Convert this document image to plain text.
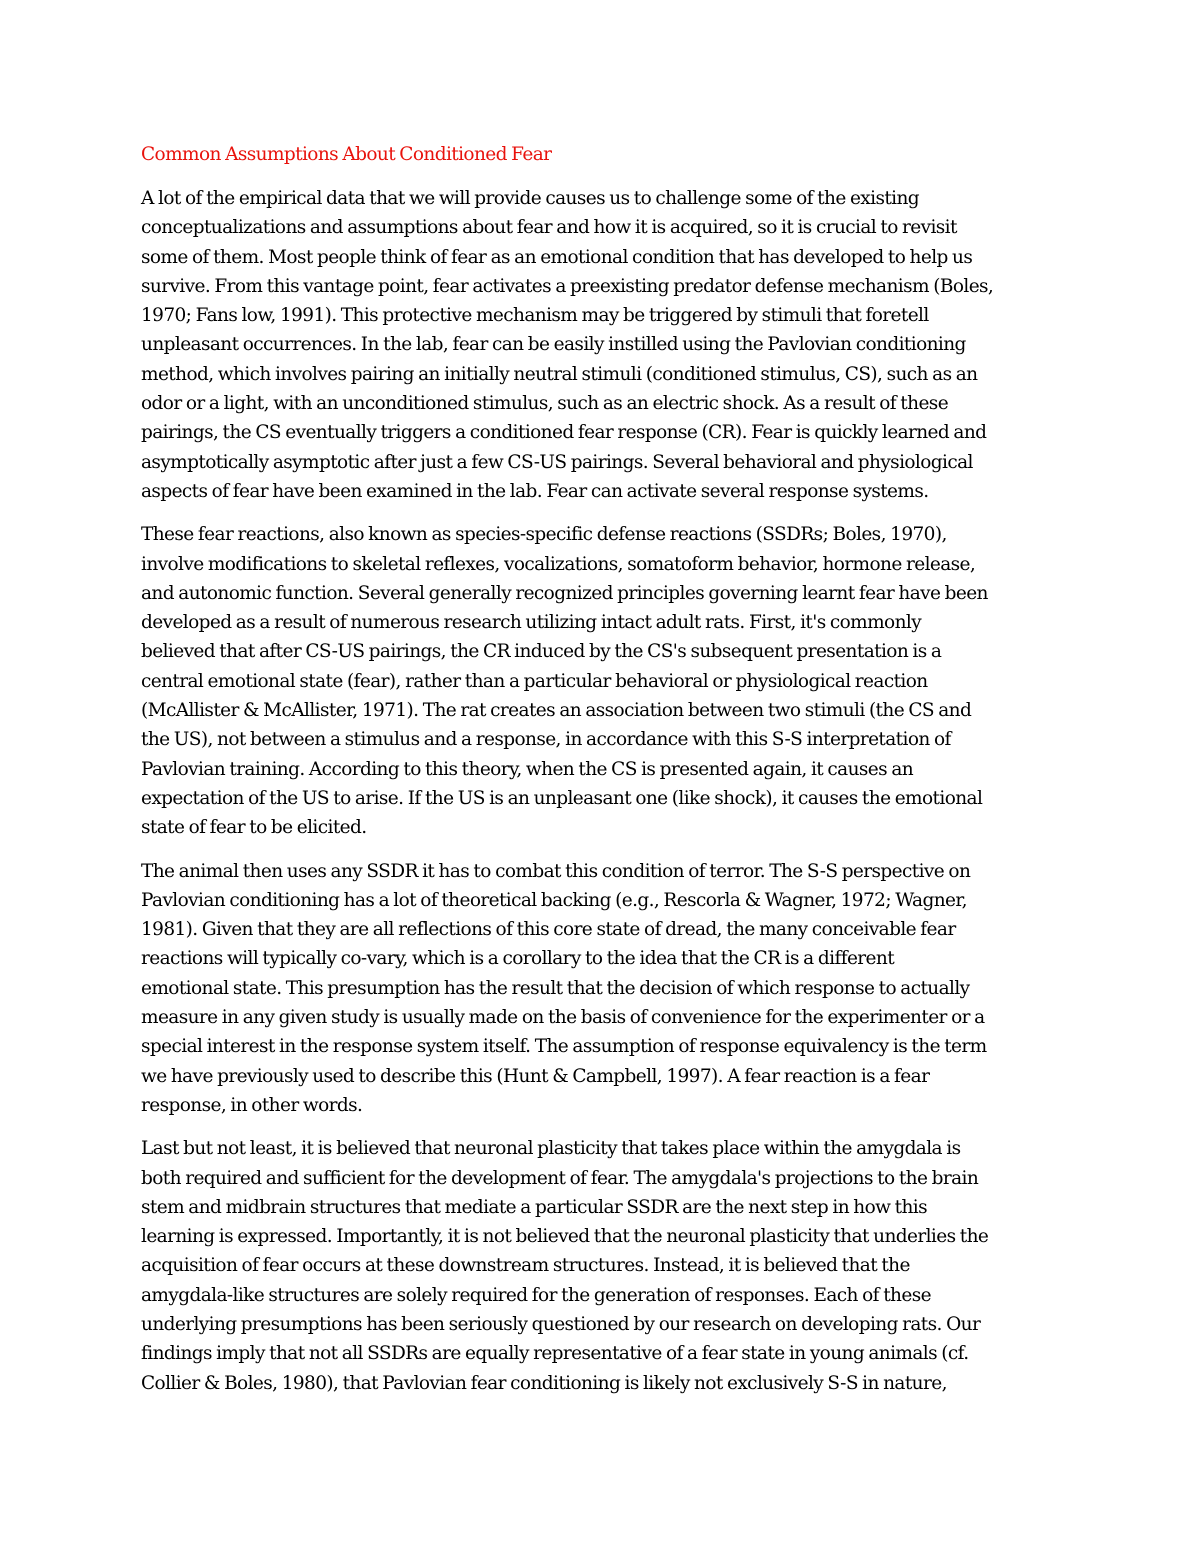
Common Assumptions About Conditioned Fear
A lot of the empirical data that we will provide causes us to challenge some of the existing
conceptualizations and assumptions about fear and how it is acquired, so it is crucial to revisit
some of them. Most people think of fear as an emotional condition that has developed to help us
survive. From this vantage point, fear activates a preexisting predator defense mechanism (Boles,
1970; Fans low, 1991). This protective mechanism may be triggered by stimuli that foretell
unpleasant occurrences. In the lab, fear can be easily instilled using the Pavlovian conditioning
method, which involves pairing an initially neutral stimuli (conditioned stimulus, CS), such as an
odor or a light, with an unconditioned stimulus, such as an electric shock. As a result of these
pairings, the CS eventually triggers a conditioned fear response (CR). Fear is quickly learned and
asymptotically asymptotic after just a few CS-US pairings. Several behavioral and physiological
aspects of fear have been examined in the lab. Fear can activate several response systems.
These fear reactions, also known as species-specific defense reactions (SSDRs; Boles, 1970),
involve modifications to skeletal reflexes, vocalizations, somatoform behavior, hormone release,
and autonomic function. Several generally recognized principles governing learnt fear have been
developed as a result of numerous research utilizing intact adult rats. First, it's commonly
believed that after CS-US pairings, the CR induced by the CS's subsequent presentation is a
central emotional state (fear), rather than a particular behavioral or physiological reaction
(McAllister & McAllister, 1971). The rat creates an association between two stimuli (the CS and
the US), not between a stimulus and a response, in accordance with this S-S interpretation of
Pavlovian training. According to this theory, when the CS is presented again, it causes an
expectation of the US to arise. If the US is an unpleasant one (like shock), it causes the emotional
state of fear to be elicited.
The animal then uses any SSDR it has to combat this condition of terror. The S-S perspective on
Pavlovian conditioning has a lot of theoretical backing (e.g., Rescorla & Wagner, 1972; Wagner,
1981). Given that they are all reflections of this core state of dread, the many conceivable fear
reactions will typically co-vary, which is a corollary to the idea that the CR is a different
emotional state. This presumption has the result that the decision of which response to actually
measure in any given study is usually made on the basis of convenience for the experimenter or a
special interest in the response system itself. The assumption of response equivalency is the term
we have previously used to describe this (Hunt & Campbell, 1997). A fear reaction is a fear
response, in other words.
Last but not least, it is believed that neuronal plasticity that takes place within the amygdala is
both required and sufficient for the development of fear. The amygdala's projections to the brain
stem and midbrain structures that mediate a particular SSDR are the next step in how this
learning is expressed. Importantly, it is not believed that the neuronal plasticity that underlies the
acquisition of fear occurs at these downstream structures. Instead, it is believed that the
amygdala-like structures are solely required for the generation of responses. Each of these
underlying presumptions has been seriously questioned by our research on developing rats. Our
findings imply that not all SSDRs are equally representative of a fear state in young animals (cf.
Collier & Boles, 1980), that Pavlovian fear conditioning is likely not exclusively S-S in nature,
